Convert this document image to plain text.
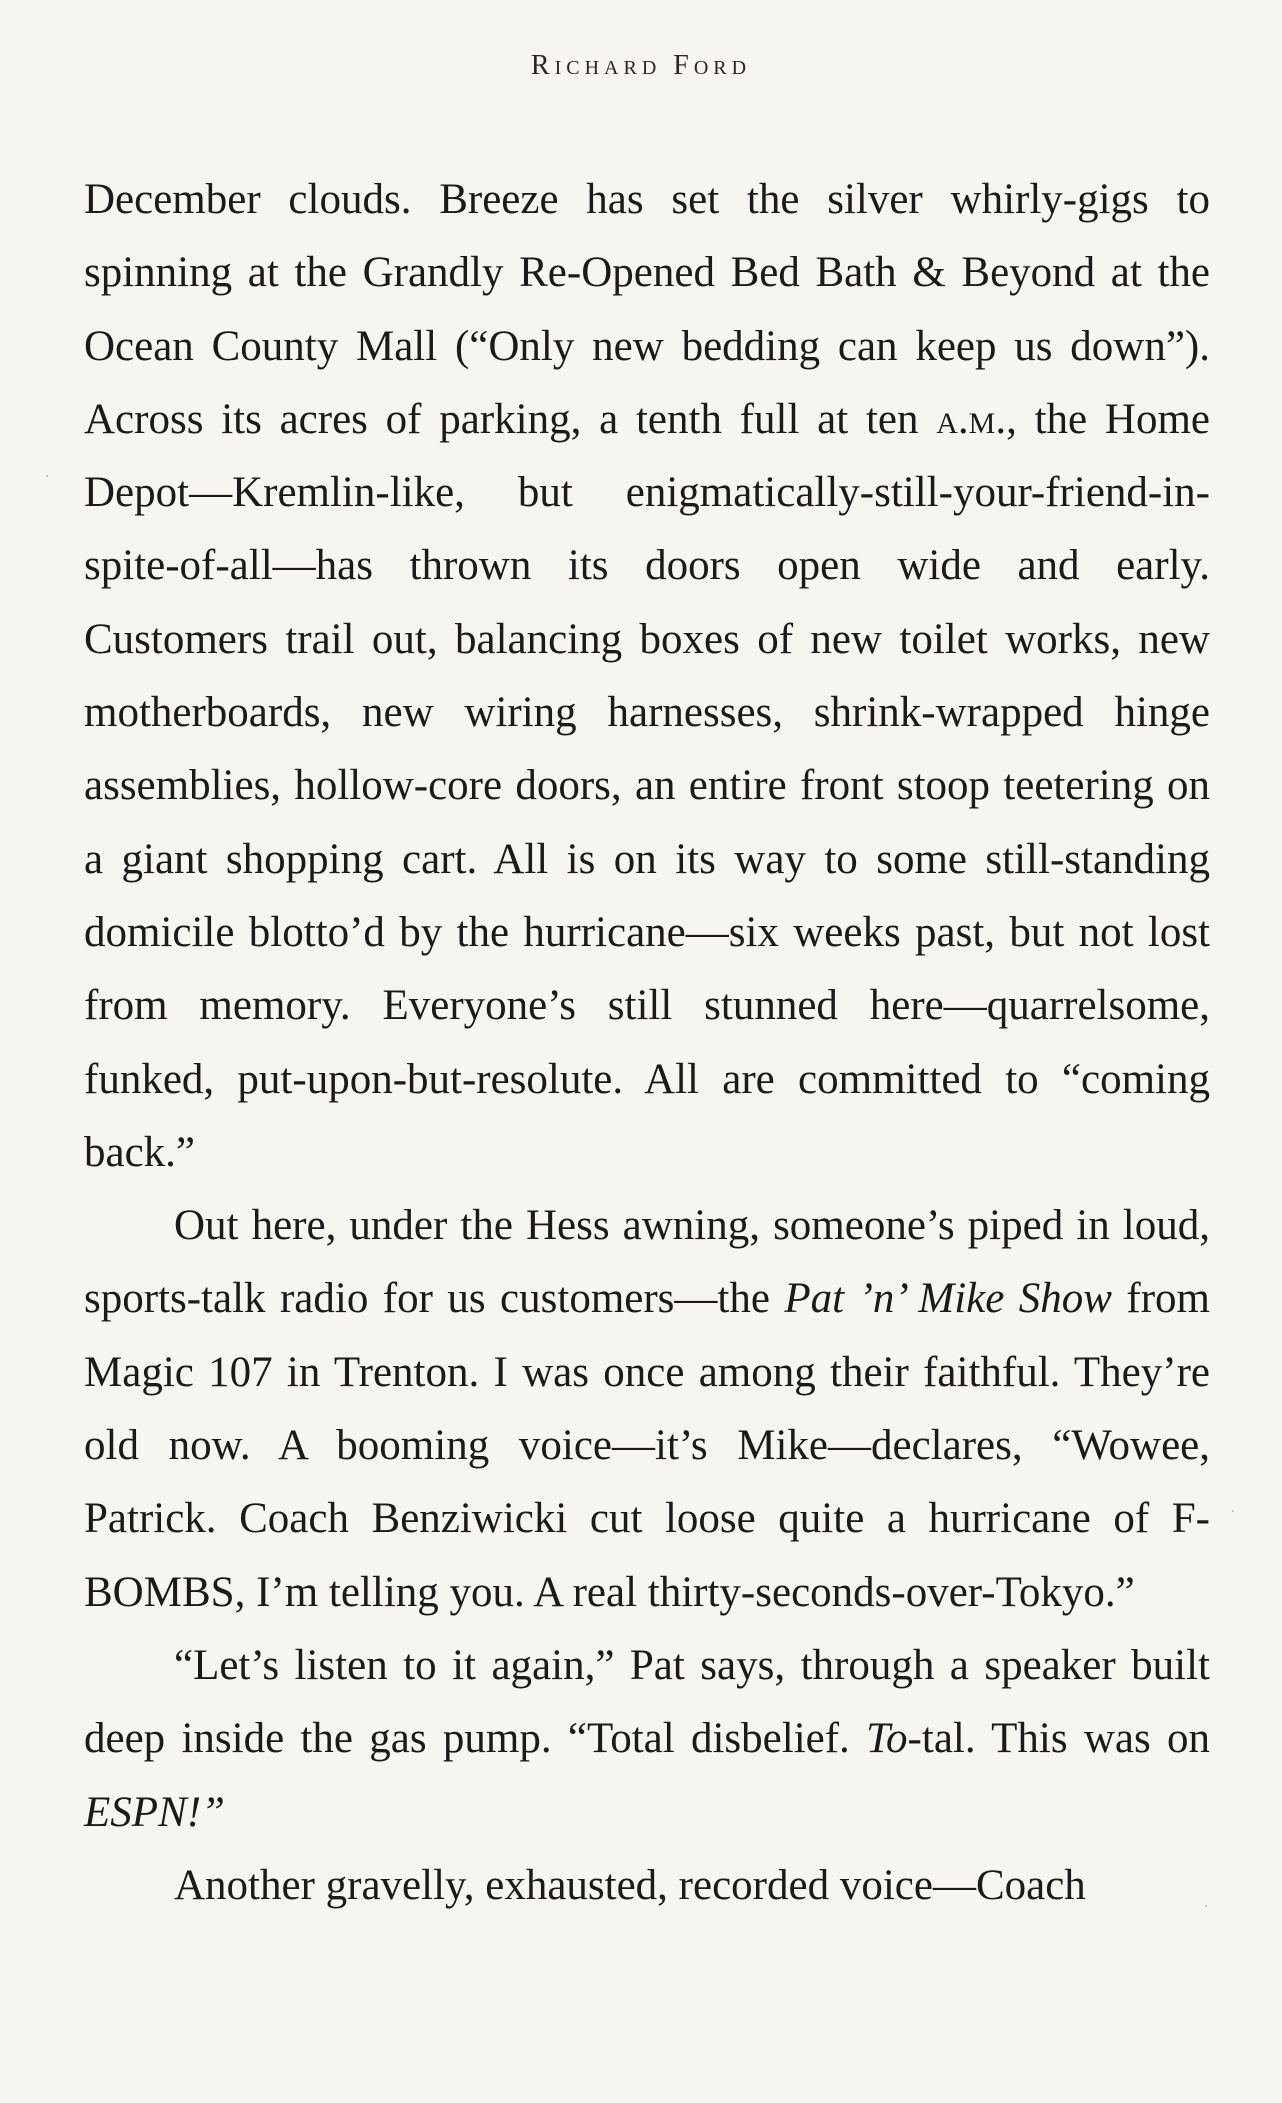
Richard Ford

December clouds. Breeze has set the silver whirly-gigs to spinning at the Grandly Re-Opened Bed Bath & Beyond at the Ocean County Mall (“Only new bedding can keep us down”). Across its acres of parking, a tenth full at ten a.m., the Home Depot—Kremlin-like, but enigmatically-still-your-friend-in-spite-of-all—has thrown its doors open wide and early. Customers trail out, balancing boxes of new toilet works, new motherboards, new wiring harnesses, shrink-wrapped hinge assemblies, hollow-core doors, an entire front stoop teetering on a giant shopping cart. All is on its way to some still-standing domicile blotto’d by the hurricane—six weeks past, but not lost from memory. Everyone’s still stunned here—quarrelsome, funked, put-upon-but-resolute. All are committed to “coming back.”

Out here, under the Hess awning, someone’s piped in loud, sports-talk radio for us customers—the Pat ’n’ Mike Show from Magic 107 in Trenton. I was once among their faithful. They’re old now. A booming voice—it’s Mike—declares, “Wowee, Patrick. Coach Benziwicki cut loose quite a hurricane of F-BOMBS, I’m telling you. A real thirty-seconds-over-Tokyo.”

“Let’s listen to it again,” Pat says, through a speaker built deep inside the gas pump. “Total disbelief. To-tal. This was on ESPN!”

Another gravelly, exhausted, recorded voice—Coach
